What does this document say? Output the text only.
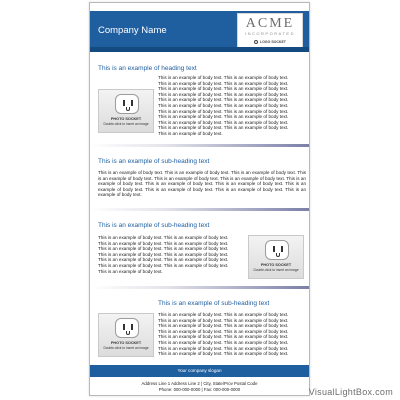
Company Name	ACME
INCORPORATED
LOGO SOCKET
This is an example of heading text
PHOTO SOCKET
Double-click to insert an image
This is an example of body text. This is an example of body text.
This is an example of body text. This is an example of body text.
This is an example of body text. This is an example of body text.
This is an example of body text. This is an example of body text.
This is an example of body text. This is an example of body text.
This is an example of body text. This is an example of body text.
This is an example of body text. This is an example of body text.
This is an example of body text. This is an example of body text.
This is an example of body text. This is an example of body text.
This is an example of body text. This is an example of body text.
This is an example of body text.
This is an example of sub-heading text
This is an example of body text. This is an example of body text. This is an example of body text. This is an example of body text. This is an example of body text. This is an example of body text. This is an example of body text. This is an example of body text. This is an example of body text. This is an example of body text. This is an example of body text. This is an example of body text. This is an example of body text.
This is an example of sub-heading text
This is an example of body text. This is an example of body text.
This is an example of body text. This is an example of body text.
This is an example of body text. This is an example of body text.
This is an example of body text. This is an example of body text.
This is an example of body text. This is an example of body text.
This is an example of body text. This is an example of body text.
This is an example of body text.
PHOTO SOCKET
Double-click to insert an image
This is an example of sub-heading text
PHOTO SOCKET
Double-click to insert an image
This is an example of body text. This is an example of body text.
This is an example of body text. This is an example of body text.
This is an example of body text. This is an example of body text.
This is an example of body text. This is an example of body text.
This is an example of body text. This is an example of body text.
This is an example of body text. This is an example of body text.
This is an example of body text. This is an example of body text.
This is an example of body text. This is an example of body text.
Your company slogan
Address Line 1 Address Line 2 | City, State/Prov Postal Code
Phone: 000-000-0000 | Fax: 000-000-0000	VisualLightBox.com
